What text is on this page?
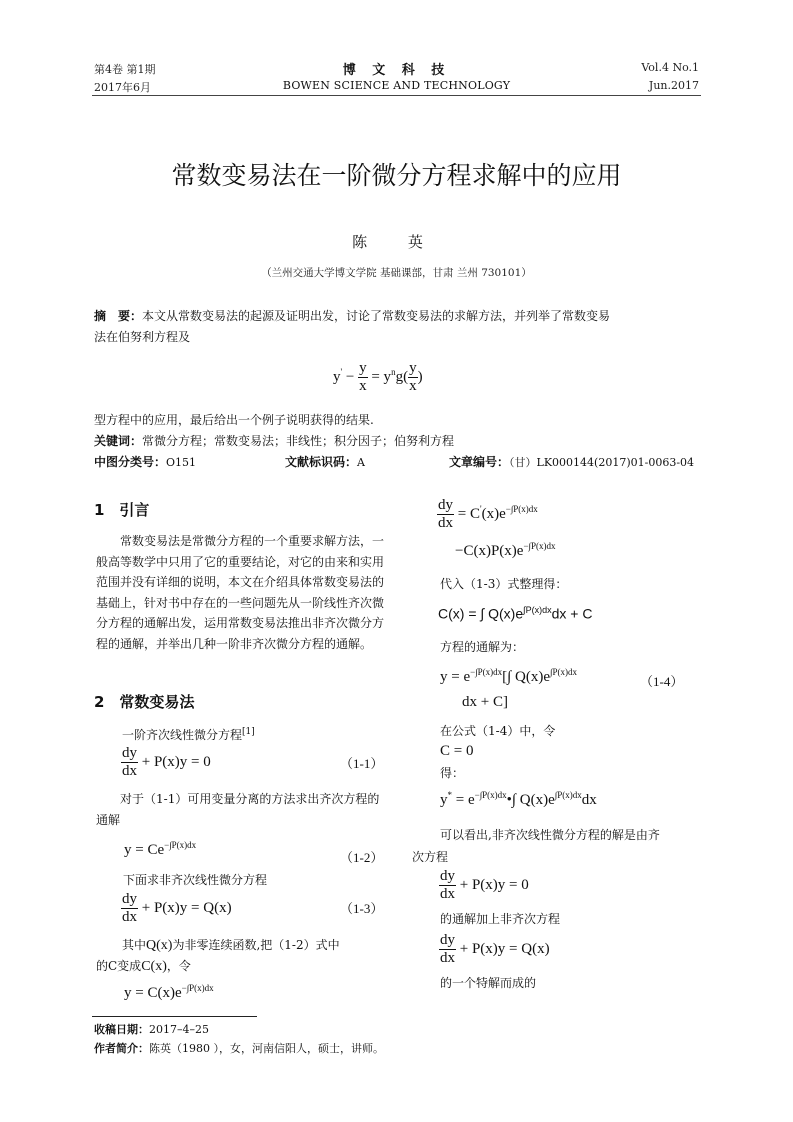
第4卷 第1期
2017年6月
博 文 科 技
BOWEN SCIENCE AND TECHNOLOGY
Vol.4 No.1
Jun.2017
常数变易法在一阶微分方程求解中的应用
陈 英
（兰州交通大学博文学院 基础课部，甘肃 兰州 730101）
摘　要：本文从常数变易法的起源及证明出发，讨论了常数变易法的求解方法，并列举了常数变易
法在伯努利方程及
$y' - \frac{y}{x} = y^ng( \frac{y}{x}$ )
型方程中的应用，最后给出一个例子说明获得的结果.
关键词：常微分方程；常数变易法；非线性；积分因子；伯努利方程
中图分类号：O151	文献标识码：A	文章编号：（甘）LK000144(2017)01-0063-04
1　引言
常数变易法是常微分方程的一个重要求解方法，一般高等数学中只用了它的重要结论，对它的由来和实用范围并没有详细的说明，本文在介绍具体常数变易法的基础上，针对书中存在的一些问题先从一阶线性齐次微分方程的通解出发，运用常数变易法推出非齐次微分方程的通解，并举出几种一阶非齐次微分方程的通解。
2　常数变易法
一阶齐次线性微分方程[1]
$\frac{dy}{dx} + P(x)y = 0$	（1-1）
对于（1-1）可用变量分离的方法求出齐次方程的通解
$y = Ce^{-\int P(x)dx}$
（1-2）
下面求非齐次线性微分方程
$\frac{dy}{dx} + P(x)y = Q(x)$	（1-3）
其中Q(x)为非零连续函数,把（1-2）式中
的C变成C(x)，令
$y = C(x)e^{-\int P(x)dx}$
$\frac{dy}{dx} = C'(x)e^{-\int P(x)dx}$
$-C(x)P(x)e^{-\int P(x)dx}$
代入（1-3）式整理得：
C(x) = ∫ $Q(x)e^{\int P(x)dx}dx + C$
方程的通解为：
$y = e^{-\int P(x)dx}[\int$ $Q(x)e^{\int P(x)dx}$
（1-4）
dx + C]
在公式（1-4）中，令
C = 0
得：
$y^* = e^{-\int P(x)dx}•\int$ $Q(x)e^{\int P(x)dx}dx$
可以看出,非齐次线性微分方程的解是由齐
次方程
$\frac{dy}{dx} + P(x)y = 0$
的通解加上非齐次方程
$\frac{dy}{dx} + P(x)y = Q(x)$
的一个特解而成的
收稿日期：2017–4–25
作者简介：陈英（1980 ），女，河南信阳人，硕士，讲师。
